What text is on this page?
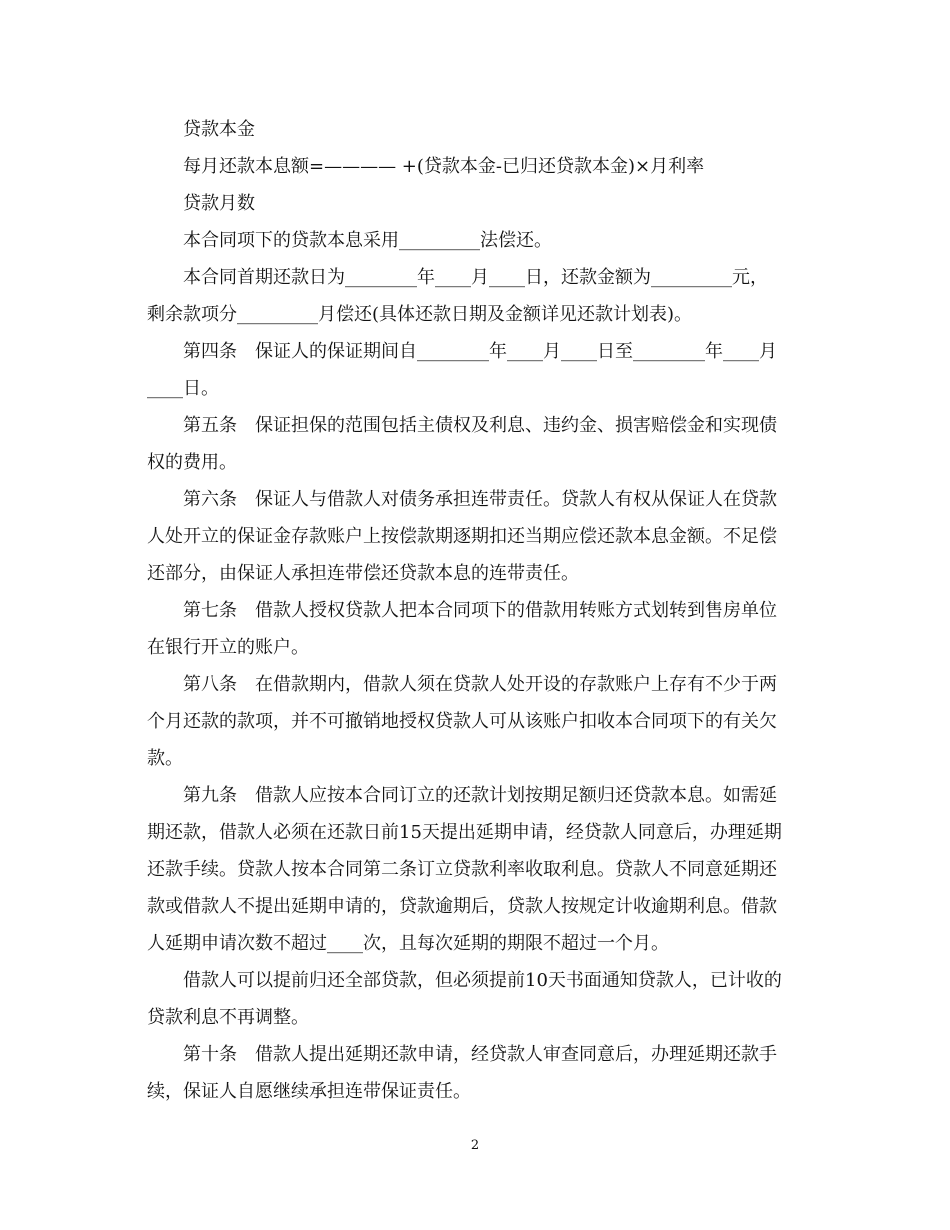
贷款本金
每月还款本息额=———— +(贷款本金-已归还贷款本金)×月利率
贷款月数
本合同项下的贷款本息采用_________法偿还。
本合同首期还款日为________年____月____日，还款金额为_________元，
剩余款项分_________月偿还(具体还款日期及金额详见还款计划表)。
第四条　保证人的保证期间自________年____月____日至________年____月
____日。
第五条　保证担保的范围包括主债权及利息、违约金、损害赔偿金和实现债
权的费用。
第六条　保证人与借款人对债务承担连带责任。贷款人有权从保证人在贷款
人处开立的保证金存款账户上按偿款期逐期扣还当期应偿还款本息金额。不足偿
还部分，由保证人承担连带偿还贷款本息的连带责任。
第七条　借款人授权贷款人把本合同项下的借款用转账方式划转到售房单位
在银行开立的账户。
第八条　在借款期内，借款人须在贷款人处开设的存款账户上存有不少于两
个月还款的款项，并不可撤销地授权贷款人可从该账户扣收本合同项下的有关欠
款。
第九条　借款人应按本合同订立的还款计划按期足额归还贷款本息。如需延
期还款，借款人必须在还款日前15天提出延期申请，经贷款人同意后，办理延期
还款手续。贷款人按本合同第二条订立贷款利率收取利息。贷款人不同意延期还
款或借款人不提出延期申请的，贷款逾期后，贷款人按规定计收逾期利息。借款
人延期申请次数不超过____次，且每次延期的期限不超过一个月。
借款人可以提前归还全部贷款，但必须提前10天书面通知贷款人，已计收的
贷款利息不再调整。
第十条　借款人提出延期还款申请，经贷款人审查同意后，办理延期还款手
续，保证人自愿继续承担连带保证责任。
2
